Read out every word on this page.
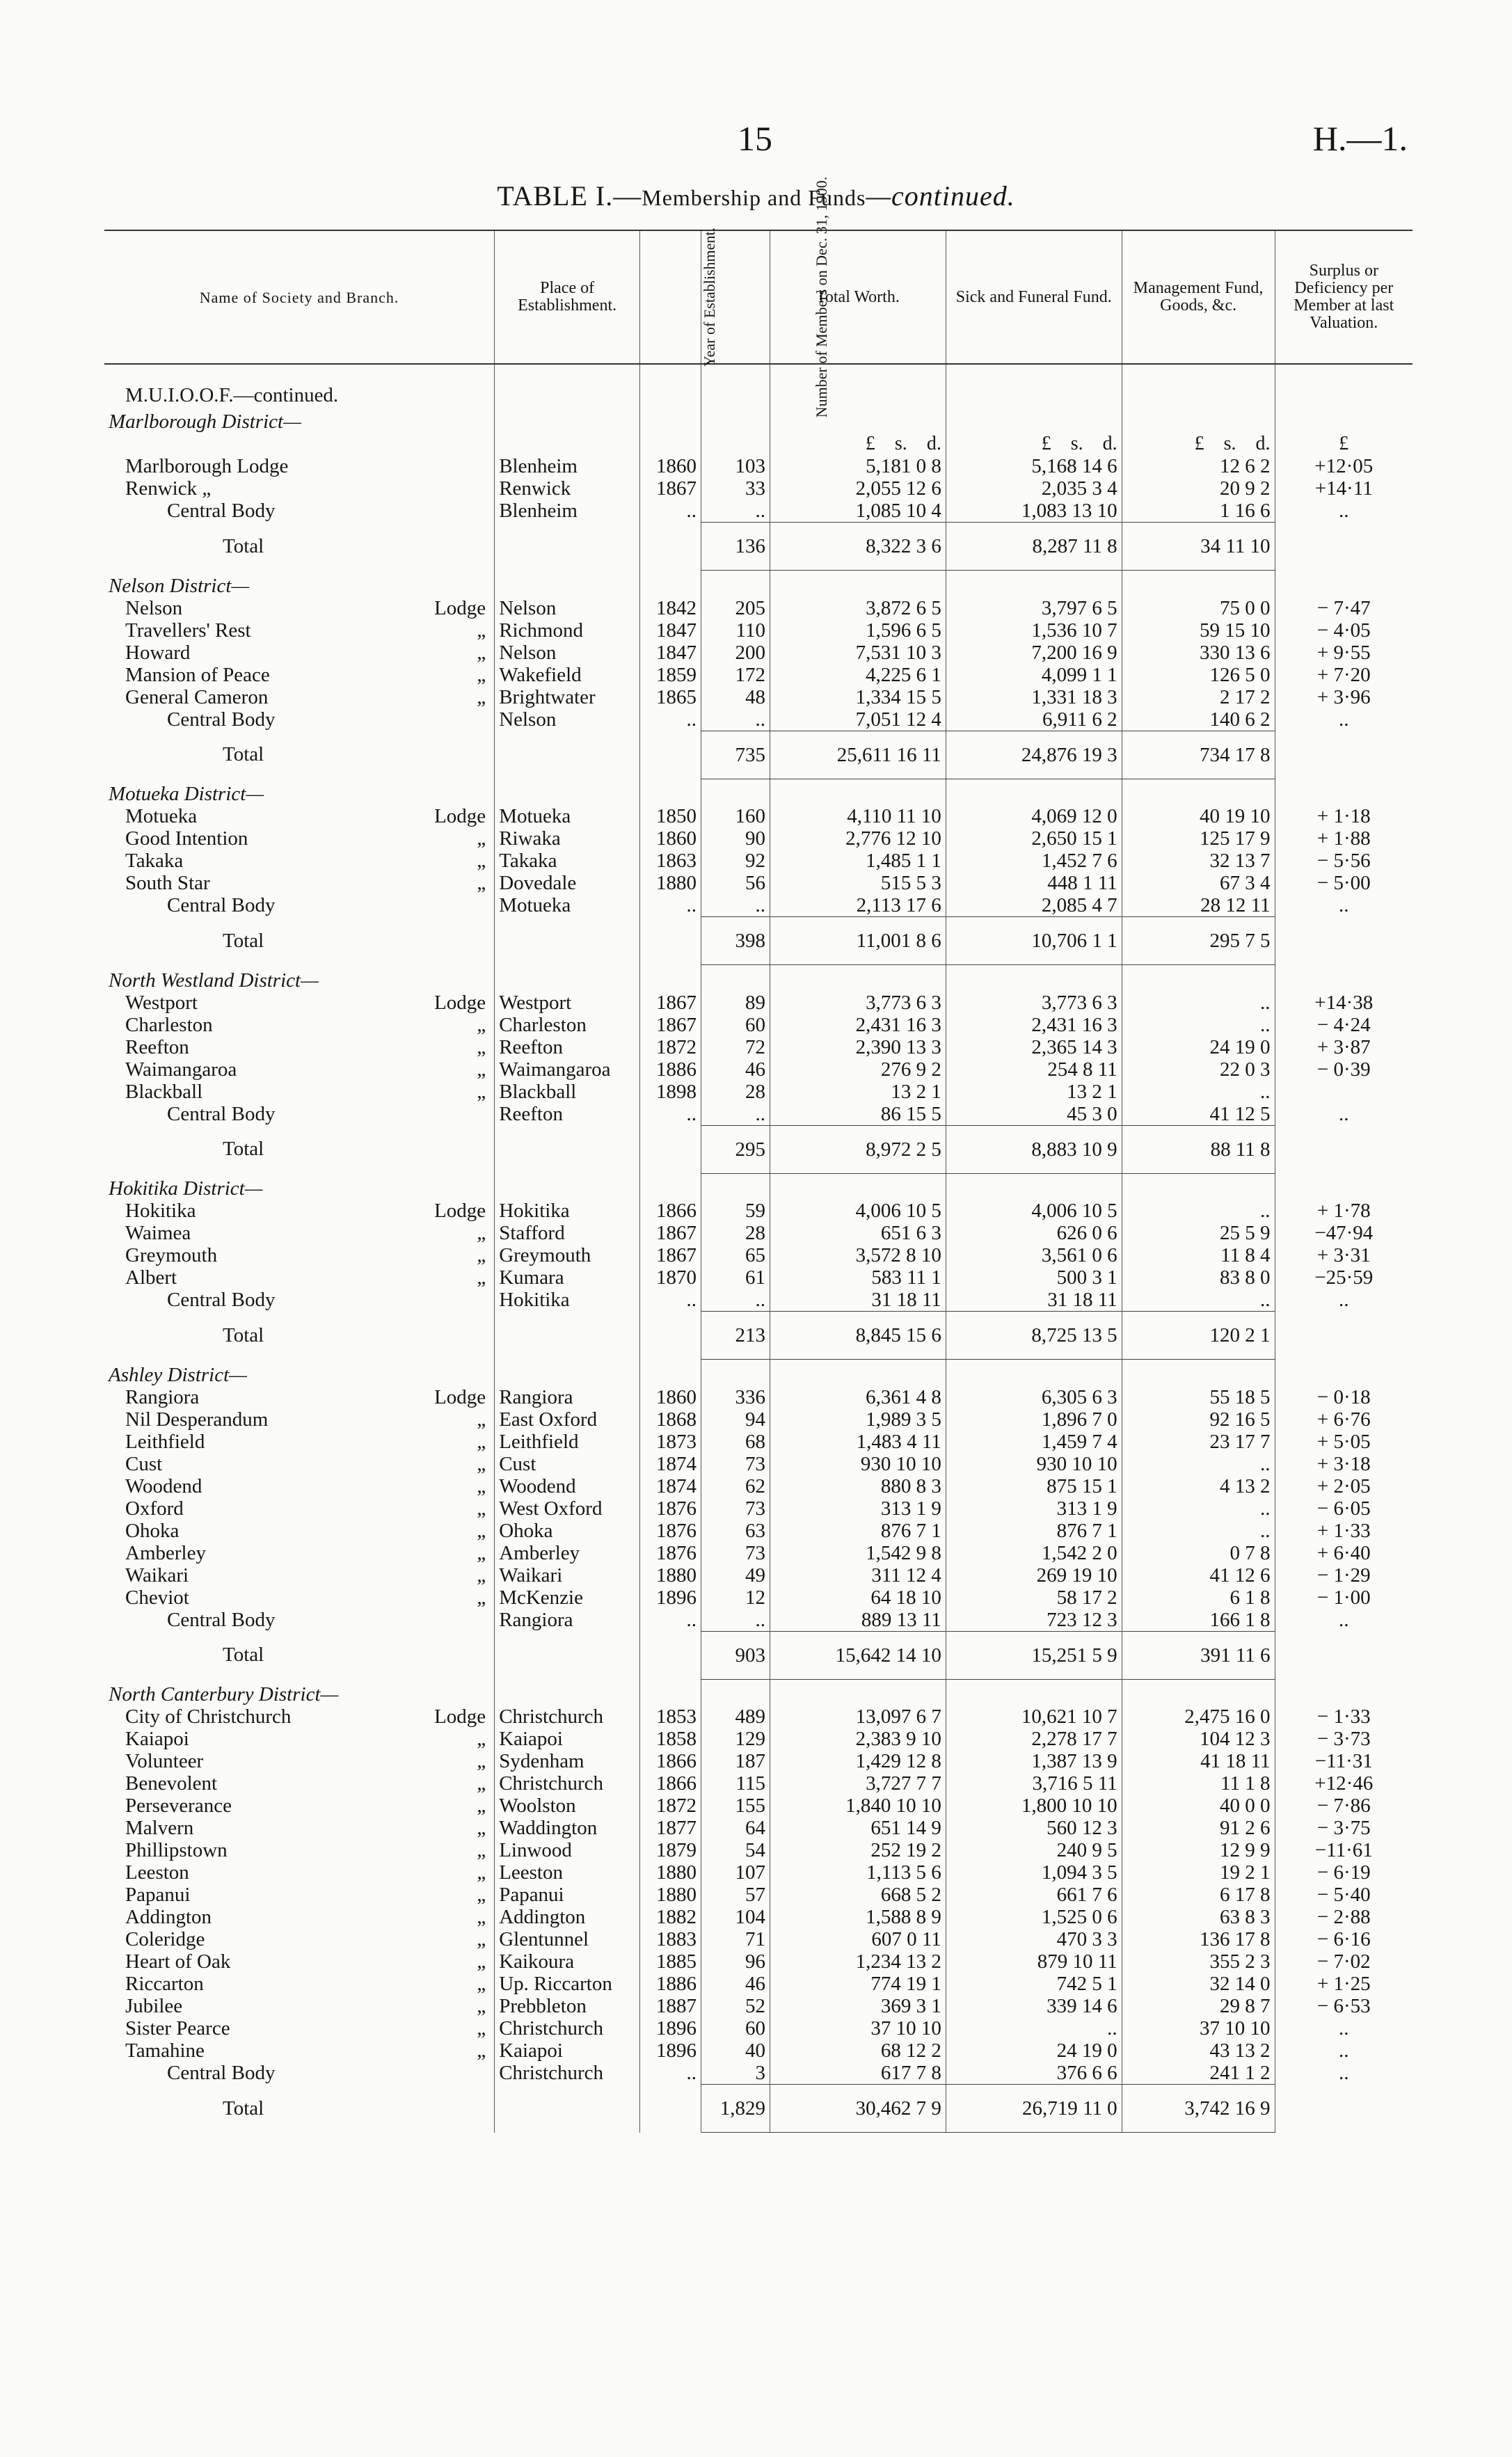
15	H.—1.
TABLE I.—Membership and Funds—continued.
Name of Society and Branch.	Place of Establishment.	Year of Establishment.	Number of Members on Dec. 31, 1900.	Total Worth.	Sick and Funeral Fund.	Management Fund, Goods, &c.	Surplus or Deficiency per Member at last Valuation.
M.U.I.O.O.F.—continued.							
Marlborough District—							
				£ s. d.	£ s. d.	£ s. d.	£
Marlborough Lodge	Blenheim	1860	103	5,181 0 8	5,168 14 6	12 6 2	+12·05
Renwick „	Renwick	1867	33	2,055 12 6	2,035 3 4	20 9 2	+14·11
Central Body	Blenheim	..	..	1,085 10 4	1,083 13 10	1 16 6	..
Total			136	8,322 3 6	8,287 11 8	34 11 10	
Nelson District—							
Nelson Lodge	Nelson	1842	205	3,872 6 5	3,797 6 5	75 0 0	− 7·47
Travellers' Rest „	Richmond	1847	110	1,596 6 5	1,536 10 7	59 15 10	− 4·05
Howard „	Nelson	1847	200	7,531 10 3	7,200 16 9	330 13 6	+ 9·55
Mansion of Peace „	Wakefield	1859	172	4,225 6 1	4,099 1 1	126 5 0	+ 7·20
General Cameron „	Brightwater	1865	48	1,334 15 5	1,331 18 3	2 17 2	+ 3·96
Central Body	Nelson	..	..	7,051 12 4	6,911 6 2	140 6 2	..
Total			735	25,611 16 11	24,876 19 3	734 17 8	
Motueka District—							
Motueka Lodge	Motueka	1850	160	4,110 11 10	4,069 12 0	40 19 10	+ 1·18
Good Intention „	Riwaka	1860	90	2,776 12 10	2,650 15 1	125 17 9	+ 1·88
Takaka „	Takaka	1863	92	1,485 1 1	1,452 7 6	32 13 7	− 5·56
South Star „	Dovedale	1880	56	515 5 3	448 1 11	67 3 4	− 5·00
Central Body	Motueka	..	..	2,113 17 6	2,085 4 7	28 12 11	..
Total			398	11,001 8 6	10,706 1 1	295 7 5	
North Westland District—							
Westport Lodge	Westport	1867	89	3,773 6 3	3,773 6 3	..	+14·38
Charleston „	Charleston	1867	60	2,431 16 3	2,431 16 3	..	− 4·24
Reefton „	Reefton	1872	72	2,390 13 3	2,365 14 3	24 19 0	+ 3·87
Waimangaroa „	Waimangaroa	1886	46	276 9 2	254 8 11	22 0 3	− 0·39
Blackball „	Blackball	1898	28	13 2 1	13 2 1	..	
Central Body	Reefton	..	..	86 15 5	45 3 0	41 12 5	..
Total			295	8,972 2 5	8,883 10 9	88 11 8	
Hokitika District—							
Hokitika Lodge	Hokitika	1866	59	4,006 10 5	4,006 10 5	..	+ 1·78
Waimea „	Stafford	1867	28	651 6 3	626 0 6	25 5 9	−47·94
Greymouth „	Greymouth	1867	65	3,572 8 10	3,561 0 6	11 8 4	+ 3·31
Albert „	Kumara	1870	61	583 11 1	500 3 1	83 8 0	−25·59
Central Body	Hokitika	..	..	31 18 11	31 18 11	..	..
Total			213	8,845 15 6	8,725 13 5	120 2 1	
Ashley District—							
Rangiora Lodge	Rangiora	1860	336	6,361 4 8	6,305 6 3	55 18 5	− 0·18
Nil Desperandum „	East Oxford	1868	94	1,989 3 5	1,896 7 0	92 16 5	+ 6·76
Leithfield „	Leithfield	1873	68	1,483 4 11	1,459 7 4	23 17 7	+ 5·05
Cust „	Cust	1874	73	930 10 10	930 10 10	..	+ 3·18
Woodend „	Woodend	1874	62	880 8 3	875 15 1	4 13 2	+ 2·05
Oxford „	West Oxford	1876	73	313 1 9	313 1 9	..	− 6·05
Ohoka „	Ohoka	1876	63	876 7 1	876 7 1	..	+ 1·33
Amberley „	Amberley	1876	73	1,542 9 8	1,542 2 0	0 7 8	+ 6·40
Waikari „	Waikari	1880	49	311 12 4	269 19 10	41 12 6	− 1·29
Cheviot „	McKenzie	1896	12	64 18 10	58 17 2	6 1 8	− 1·00
Central Body	Rangiora	..	..	889 13 11	723 12 3	166 1 8	..
Total			903	15,642 14 10	15,251 5 9	391 11 6	
North Canterbury District—							
City of Christchurch Lodge	Christchurch	1853	489	13,097 6 7	10,621 10 7	2,475 16 0	− 1·33
Kaiapoi „	Kaiapoi	1858	129	2,383 9 10	2,278 17 7	104 12 3	− 3·73
Volunteer „	Sydenham	1866	187	1,429 12 8	1,387 13 9	41 18 11	−11·31
Benevolent „	Christchurch	1866	115	3,727 7 7	3,716 5 11	11 1 8	+12·46
Perseverance „	Woolston	1872	155	1,840 10 10	1,800 10 10	40 0 0	− 7·86
Malvern „	Waddington	1877	64	651 14 9	560 12 3	91 2 6	− 3·75
Phillipstown „	Linwood	1879	54	252 19 2	240 9 5	12 9 9	−11·61
Leeston „	Leeston	1880	107	1,113 5 6	1,094 3 5	19 2 1	− 6·19
Papanui „	Papanui	1880	57	668 5 2	661 7 6	6 17 8	− 5·40
Addington „	Addington	1882	104	1,588 8 9	1,525 0 6	63 8 3	− 2·88
Coleridge „	Glentunnel	1883	71	607 0 11	470 3 3	136 17 8	− 6·16
Heart of Oak „	Kaikoura	1885	96	1,234 13 2	879 10 11	355 2 3	− 7·02
Riccarton „	Up. Riccarton	1886	46	774 19 1	742 5 1	32 14 0	+ 1·25
Jubilee „	Prebbleton	1887	52	369 3 1	339 14 6	29 8 7	− 6·53
Sister Pearce „	Christchurch	1896	60	37 10 10	..	37 10 10	..
Tamahine „	Kaiapoi	1896	40	68 12 2	24 19 0	43 13 2	..
Central Body	Christchurch	..	3	617 7 8	376 6 6	241 1 2	..
Total			1,829	30,462 7 9	26,719 11 0	3,742 16 9	
